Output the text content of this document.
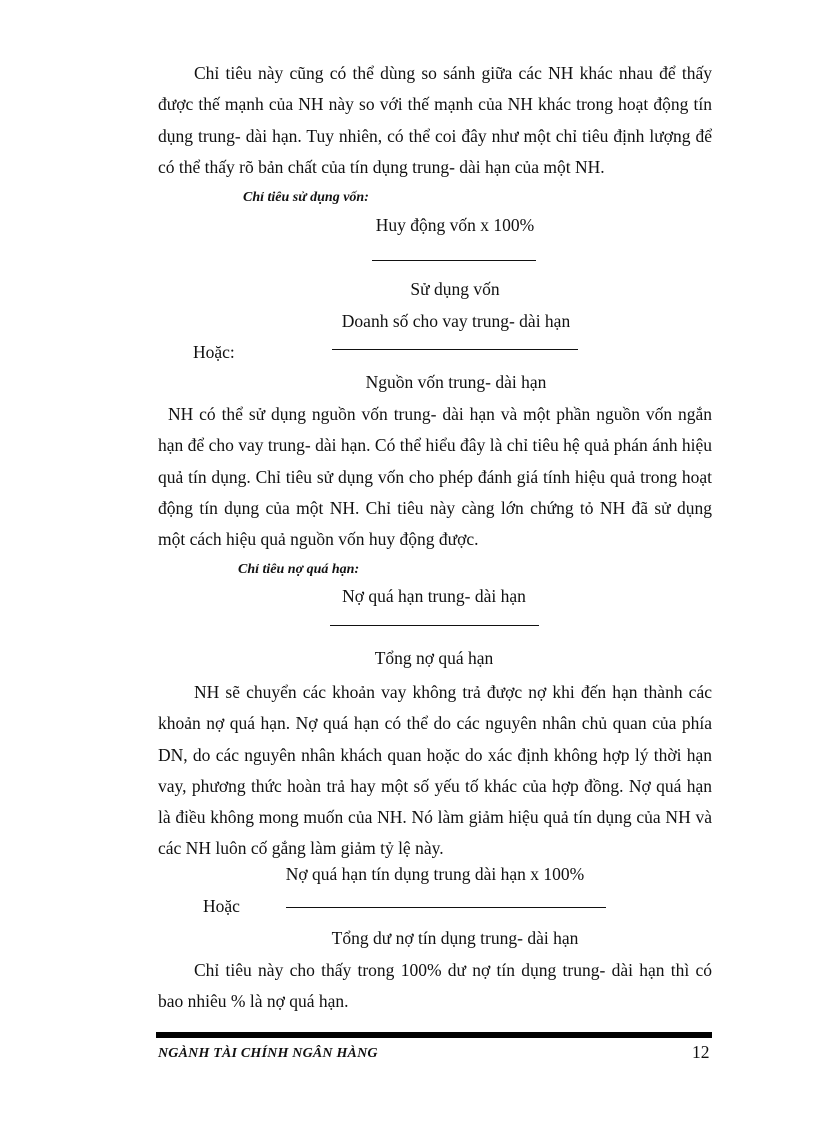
Chỉ tiêu này cũng có thể dùng so sánh giữa các NH khác nhau để thấy được thế mạnh của NH này so với thế mạnh của NH khác trong hoạt động tín dụng trung- dài hạn. Tuy nhiên, có thể coi đây như một chỉ tiêu định lượng để có thể thấy rõ bản chất của tín dụng trung- dài hạn của một NH.

Chỉ tiêu sử dụng vốn:

Huy động vốn x 100%

Sử dụng vốn

Doanh số cho vay trung- dài hạn

Hoặc:

Nguồn vốn trung- dài hạn

NH có thể sử dụng nguồn vốn trung- dài hạn và một phần nguồn vốn ngắn hạn để cho vay trung- dài hạn. Có thể hiểu đây là chỉ tiêu hệ quả phán ánh hiệu quả tín dụng. Chỉ tiêu sử dụng vốn cho phép đánh giá tính hiệu quả trong hoạt động tín dụng của một NH. Chỉ tiêu này càng lớn chứng tỏ NH đã sử dụng một cách hiệu quả nguồn vốn huy động được.

Chỉ tiêu nợ quá hạn:

Nợ quá hạn trung- dài hạn

Tổng nợ quá hạn

NH sẽ chuyển các khoản vay không trả được nợ khi đến hạn thành các khoản nợ quá hạn. Nợ quá hạn có thể do các nguyên nhân chủ quan của phía DN, do các nguyên nhân khách quan hoặc do xác định không hợp lý thời hạn vay, phương thức hoàn trả hay một số yếu tố khác của hợp đồng. Nợ quá hạn là điều không mong muốn của NH. Nó làm giảm hiệu quả tín dụng của NH và các NH luôn cố gắng làm giảm tỷ lệ này.

Nợ quá hạn tín dụng trung dài hạn x 100%

Hoặc

Tổng dư nợ tín dụng trung- dài hạn

Chỉ tiêu này cho thấy trong 100% dư nợ tín dụng trung- dài hạn thì có bao nhiêu % là nợ quá hạn.

NGÀNH TÀI CHÍNH NGÂN HÀNG	12
